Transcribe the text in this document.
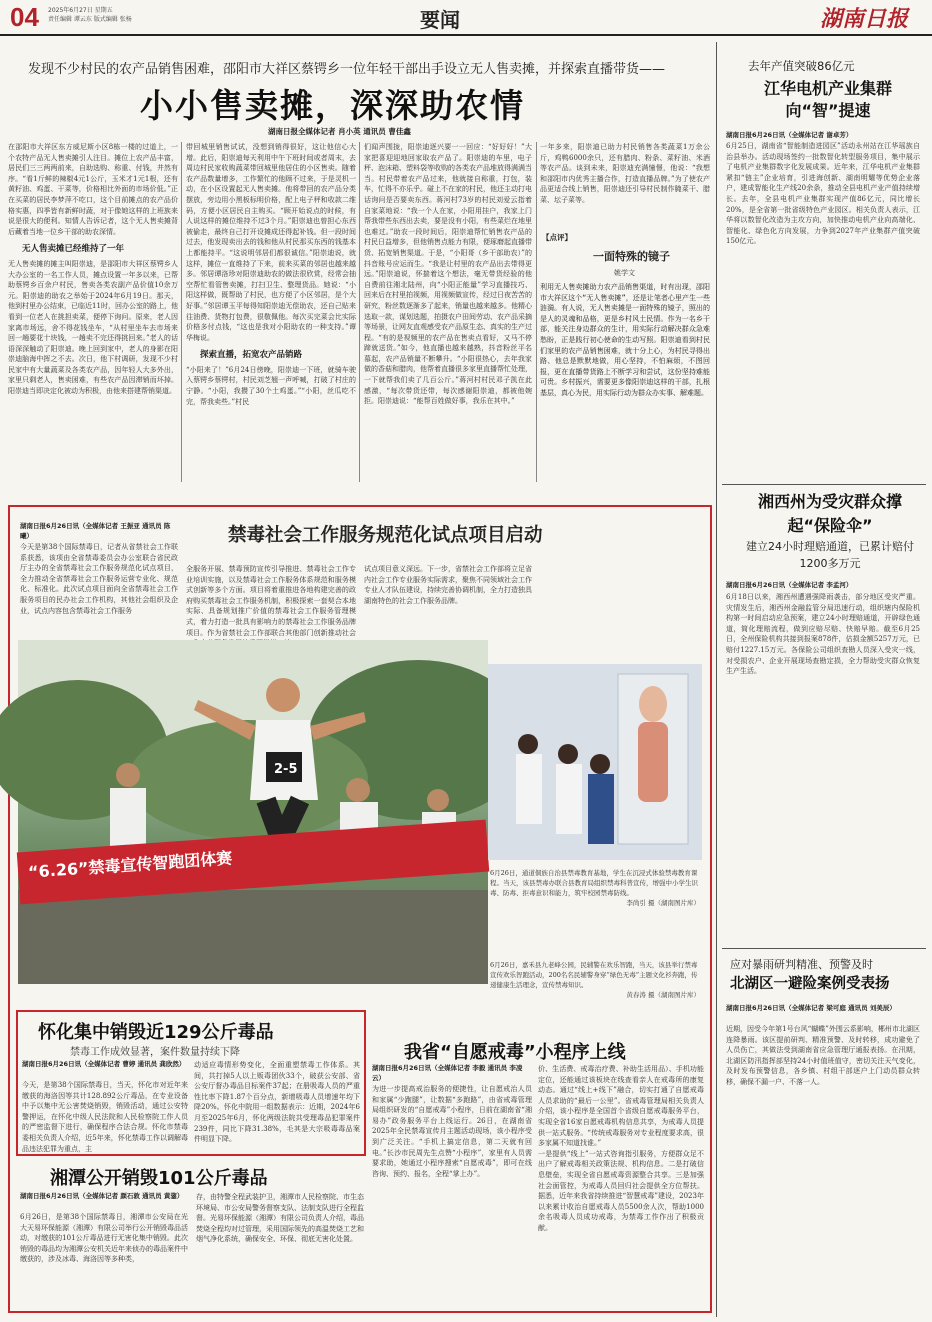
04 2025年6月27日 星期五
责任编辑 谭云东 版式编辑 张杨	要闻	湖南日报
发现不少村民的农产品销售困难，邵阳市大祥区蔡锷乡一位年轻干部出手设立无人售卖摊，并探索直播带货——
小小售卖摊，深深助农情
湖南日报全媒体记者 肖小英 通讯员 曹佳鑫

在邵阳市大祥区东方威尼斯小区8栋一楼的过道上，一个农特产品无人售卖摊引人注目。摊位上农产品丰富，居民们三三两两前来，自助选购、称重、付钱，井然有序。“看1斤鲜的辣椒4元1公斤，玉米才1元1根，还有黄籽油、鸡蛋、干菜等，价格相比外面的市场价低。”正在买菜的居民李梦萍不吃口，这个目前摊点的农产品价格实惠，四季皆有新鲜时蔬，对于像她这样的上班族来说是很大的便利。知情人告诉记者，这个无人售卖摊背后藏着当地一位乡干部的助农深情。

无人售卖摊已经维持了一年

无人售卖摊的摊主叫阳崇迪，是邵阳市大祥区蔡锷乡人大办公室的一名工作人员，摊点设置一年多以来，已帮助蔡锷乡百余户村民，售卖各类农副产品价值10余万元。阳崇迪的助农之举始于2024年6月19日。那天，他到村里办公结束，已临近11时，回办公室的路上，他看到一位老人在挑担卖菜，便停下询问。原来，老人因家离市场远，舍不得花钱坐车，“从村里坐车去市场来回一趟要花十块钱，一趟卖不完还得挑回来。”老人的话语深深触动了阳崇迪。晚上回到家中，老人的身影在阳崇迪脑海中挥之不去。次日，他下村调研，发现不少村民家中有大量蔬菜及各类农产品，因年轻人大多外出，家里只剩老人，售卖困难，有些农产品因滞销而坏掉。阳崇迪当即决定化被动为积极，由他来搭建帮销渠道。

带回城里销售试试，没想到销得很好，这让他信心大增。此后，阳崇迪每天利用中午下班时间或者周末，去周边村民家收购蔬菜带回城里他居住的小区售卖。随着农产品数量增多，工作繁忙的他顾不过来，于是灵机一动，在小区设置起无人售卖摊。他将带回的农产品分类摆放，旁边用小黑板标明价格，配上电子秤和收款二维码，方便小区居民自主购买。“顾开始说点的时候，有人说这样的摊位维持不过3个月。”阳崇迪也曾担心东西被偷走，最终自己打开设摊成还得起补钱。但一段时间过去，他发现卖出去的钱和他从村民那买东西的钱基本上都能持平。“这说明邻居们都很诚信。”阳崇迪说，就这样，摊位一直维持了下来，前来买菜的邻居也越来越多。邻居谭洛珍对阳崇迪助农的做法很欣赏，经常会抽空帮忙看管售卖摊，打扫卫生、整理货品。她说：“小阳这样做，既帮助了村民，也方便了小区邻居，是个大好事。”邻居谭玉平每得知阳崇迪无偿助农，还自己贴来往油费、货物打包费，很敬佩他。每次买完菜会比实际价格多付点钱，“这也是我对小阳助农的一种支持。”谭华梅说。

探索直播，拓宽农产品销路

“小阳来了！”6月24日傍晚，阳崇迪一下班，就骑车驶入蔡锷乡蔡锷村，村民刘芝翘一声呼喊，打破了村庄的宁静。“小阳，我攒了30个土鸡蛋。”“小阳，丝瓜吃不完，帮我卖些。”村民

们闻声围拢，阳崇迪逐兴要一一回应：“好好好！”大家把喜迎迎地回家取农产品了。阳崇迪的车里，电子秤、泡沫箱、塑料袋等收购的各类农产品堆放得满满当当。村民带着农产品过来，他就接自称重，打包，装车，忙得不亦乐乎。碰上不在家的村民，他还主动打电话询问是否要卖东西。蒋河村73岁的村民刘爱云指着自家菜地说：“我一个人在家，小阳用挂户，我家上门帮我带些东西出去卖，要是没有小阳，有些菜烂在地里也难过。”助农一段时间后，阳崇迪帮忙销售农产品的村民日益增多，但他销售点能力有限，便琢磨起直播带货、拓宽销售渠道。于是，“小阳哥（乡干部助农）”的抖音账号应运而生。“我是让村里的农产品出去带得更远。”阳崇迪说，怀揣着这个想法，毫无带货经验的他自费前往湘北陆州，向“小阳正能量”学习直播技巧、回来后在村里拍视频，用视频做宣传，经过日夜苦苦的研究，粉丝数逐渐多了起来，销量也越来越多。他精心选取一款，谋划选题，拍摄农户田间劳动、农产品采摘等场景，让网友直观感受农产品原生态、真实的生产过程。“有的是视频里的农产品在售卖点看好，又马不停蹄就送货。”如今，他直播也越来越熟，抖音粉丝平名慕起，农产品销量不断攀升。“小阳很热心，去年我家做的香菇和腊肉，他帮着直播很多家里直播帮忙处理，一下就帮我们卖了几百公斤。”蒋河村村民邓子凯在此感激，“每次带货还带，每次感谢阳崇迪，都被他婉拒。阳崇迪说：“能帮百姓做好事，我乐在其中。”

一年多来，阳崇迪已助力村民销售各类蔬菜1万余公斤，鸡鸭6000余只，还有腊肉、粉条、菜籽油、米酒等农产品。谈到未来，阳崇迪充满憧憬，他说：“我想和邵阳市内优秀主播合作，打造直播品牌。”为了使农产品更适合线上销售，阳崇迪还引导村民制作腌菜干、腊菜、坛子菜等。

【点评】
一面特殊的镜子
姚学文

利用无人售卖摊助力农产品销售渠道，时有出现，邵阳市大祥区这个“无人售卖摊”，还是让笔者心里产生一些涟漪。有人说，无人售卖摊是一面特殊的镜子，照出的是人的灵魂和品格，更是乡村风土民情。作为一名乡干部，能关注身边群众的生计，用实际行动解决群众急难愁盼，正是践行初心使命的生动写照。阳崇迪看到村民们家里的农产品销售困难，就十分上心，为村民寻得出路、他总是默默地做，用心坚持，不怕麻烦，不图回报，更在直播带货路上不断学习和尝试，这份坚持难能可贵。乡村振兴，需要更多像阳崇迪这样的干部，扎根基层，真心为民，用实际行动为群众办实事、解难题。

去年产值突破86亿元
江华电机产业集群向“智”提速
湖南日报6月26日讯（全媒体记者 谢卓芳）

6月25日，湖南省“智能制造进园区”活动永州站在江华瑶族自治县举办。活动现场签约一批数智化转型服务项目，集中展示了电机产业集群数字化发展成果。近年来，江华电机产业集群紧扣“链主”企业培育，引进海创新、湖南明耀等优势企业落户，建成智能化生产线20余条，推动全县电机产业产值持续增长。去年，全县电机产业集群实现产值86亿元，同比增长20%，是全省第一批省级特色产业园区。相关负责人表示，江华将以数智化改造为主攻方向，加快推动电机产业向高端化、智能化、绿色化方向发展，力争到2027年产业集群产值突破150亿元。

湘西州为受灾群众撑起“保险伞”
建立24小时理赔通道，已累计赔付1200多万元
湖南日报6月26日讯（全媒体记者 李孟河）

6月18日以来，湘西州遭遇强降雨袭击，部分地区受灾严重。灾情发生后，湘西州金融监管分局迅速行动，组织辖内保险机构第一时间启动应急预案，建立24小时理赔通道，开辟绿色通道，简化理赔流程，做到应赔尽赔、快赔早赔。截至6月25日，全州保险机构共接到报案878件，估损金额5257万元，已赔付1227.15万元。各保险公司组织查勘人员深入受灾一线，对受损农户、企业开展现场查勘定损，全力帮助受灾群众恢复生产生活。

应对暴雨研判精准、预警及时
北湖区一避险案例受表扬
湖南日报6月26日讯（全媒体记者 梁可庭 通讯员 刘美辰）

近期，因受今年第1号台风“蝴蝶”外围云系影响，郴州市北湖区连降暴雨。该区提前研判、精准预警、及时转移，成功避免了人员伤亡，其做法受到湖南省应急管理厅通报表扬。在汛期，北湖区防汛指挥部坚持24小时值班值守，密切关注天气变化，及时发布预警信息，各乡镇、村组干部逐户上门动员群众转移，确保不漏一户、不落一人。

禁毒社会工作服务规范化试点项目启动
湖南日报6月26日讯（全媒体记者 王振亚 通讯员 陈曦）

今天是第38个国际禁毒日，记者从省禁社会工作联系获悉，该项由全省禁毒委员会办公室联合省民政厅主办的全省禁毒社会工作服务规范化试点项目，全力推动全省禁毒社会工作服务运营专业化、规范化、标准化。此次试点项目面向全省禁毒社会工作服务项目的民办社会工作机构，其他社会组织及企业，试点内容包含禁毒社会工作服务

全服务开展、禁毒预防宣传引导推进、禁毒社会工作专业培训实施，以及禁毒社会工作服务体系规范和服务模式创新等多个方面。项目将着重推进各地构建完善的政府购买禁毒社会工作服务机制，积极探索一套契合本地实际、具备规划推广价值的禁毒社会工作服务管理模式，着力打造一批具有影响力的禁毒社会工作服务品牌项目。作为省禁社会工作部联合其他部门创新推动社会

试点项目意义深远。下一步，省禁社会工作部将立足省内社会工作专业服务实际需求，聚焦不同领域社会工作专业人才队伍建设，持续完善协调机制，全力打造独具湖南特色的社会工作服务品牌。

2-5
“6.26”禁毒宣传智跑团体赛	6月26日，通道侗族自治县禁毒教育基地，学生在沉浸式体验禁毒教育课程。当天，该县禁毒办联合县教育局组织禁毒科普宣传，增强中小学生识毒、防毒、拒毒意识和能力，筑牢校园禁毒防线。

李尚引 摄（湖南图片库）

6月26日，嘉禾县九老峰公园，民辅警在欢乐智跑，当天，该县举行禁毒宣传欢乐智跑活动，200名名民辅警身穿“绿色无毒”主题文化衫奔跑，传递健康生活理念，宣传禁毒知识。

黄春涛 摄（湖南图片库）

怀化集中销毁近129公斤毒品
禁毒工作成效显著，案件数量持续下降
湖南日报6月26日讯（全媒体记者 曹婷 通讯员 龚欣然）

今天，是第38个国际禁毒日，当天，怀化市对近年来缴获的海洛因等共计128.892公斤毒品，在专业设备中予以集中无公害焚烧销毁，销毁活动，通过公安特警押运，在怀化中级人民法院和人民检察院工作人员的严密监督下进行，确保程序合法合规。怀化市禁毒委相关负责人介绍，近5年来，怀化禁毒工作以调解毒品违法犯罪为重点，主

动适应毒情形势变化，全面重塑禁毒工作体系。其间，共打掉5人以上贩毒团伙33个，破获公安部、省公安厅督办毒品目标案件37起；在册吸毒人员的严重性比率下降1.87个百分点，新增吸毒人员增速年均下降20%。怀化中院用一组数据表示：近期，2024年6月至2025年6月，怀化两级法院共受理毒品犯罪案件239件，同比下降31.38%，毛其是大宗吸毒毒品案件明显下降。

湘潭公开销毁101公斤毒品
湖南日报6月26日讯（全媒体记者 颜石敦 通讯员 黄鋆）

6月26日，是第38个国际禁毒日，湘潭市公安局在光大天易环保能源（湘潭）有限公司举行公开销毁毒品活动，对缴获的101公斤毒品进行无害化集中销毁。此次销毁的毒品均为湘潭公安机关近年来侦办的毒品案件中缴获的，涉及冰毒、海洛因等多种类，

存，由特警全程武装护卫，湘潭市人民检察院、市生态环境局、市公安局警务督察支队、法制支队进行全程监督。光易环保能源（湘潭）有限公司负责人介绍，毒品焚烧全程均对过管理，采用国际领先的高温焚烧工艺和烟气净化系统，确保安全、环保、彻底无害化处置。

我省“自愿戒毒”小程序上线
湖南日报6月26日讯（全媒体记者 李毅 通讯员 李凌云）

为进一步提高戒治服务的便捷性，让自愿戒治人员和家属“少跑腿”，让数据“多跑路”，由省戒毒管理局组织研发的“自愿戒毒”小程序，日前在湖南省“湘易办”政务服务平台上线运行。26日，在湖南省2025年全民禁毒宣传月主题活动现场，该小程序受到广泛关注。“手机上搞定信息，第二天就有回电。”长沙市民周先生点赞“小程序”，家里有人员需要求助，她通过小程序搜索“自愿戒毒”，即可在线咨询、预约、报名，全程“掌上办”。

价、生活费、戒毒治疗费、补助生活用品）、手机功能定位，还能通过该板块在线查看亲人在戒毒所的康复动态。通过“线上+线下”融合，切实打通了自愿戒毒人员求助的“最后一公里”。省戒毒管理局相关负责人介绍，该小程序是全国首个省级自愿戒毒服务平台，实现全省16家自愿戒毒机构信息共享，为戒毒人员提供一站式服务。“传统戒毒服务对专业程度要求高，很多家属不知道找谁。”

一是提供“线上”一站式咨询指引服务，方便群众足不出户了解戒毒相关政策法规、机构信息。二是打破信息壁垒，实现全省自愿戒毒资源整合共享。三是加强社会面管控，为戒毒人员回归社会提供全方位帮扶。据悉，近年来我省持续推进“智慧戒毒”建设，2023年以来累计收治自愿戒毒人员5500余人次，帮助1000余名吸毒人员成功戒毒，为禁毒工作作出了积极贡献。
